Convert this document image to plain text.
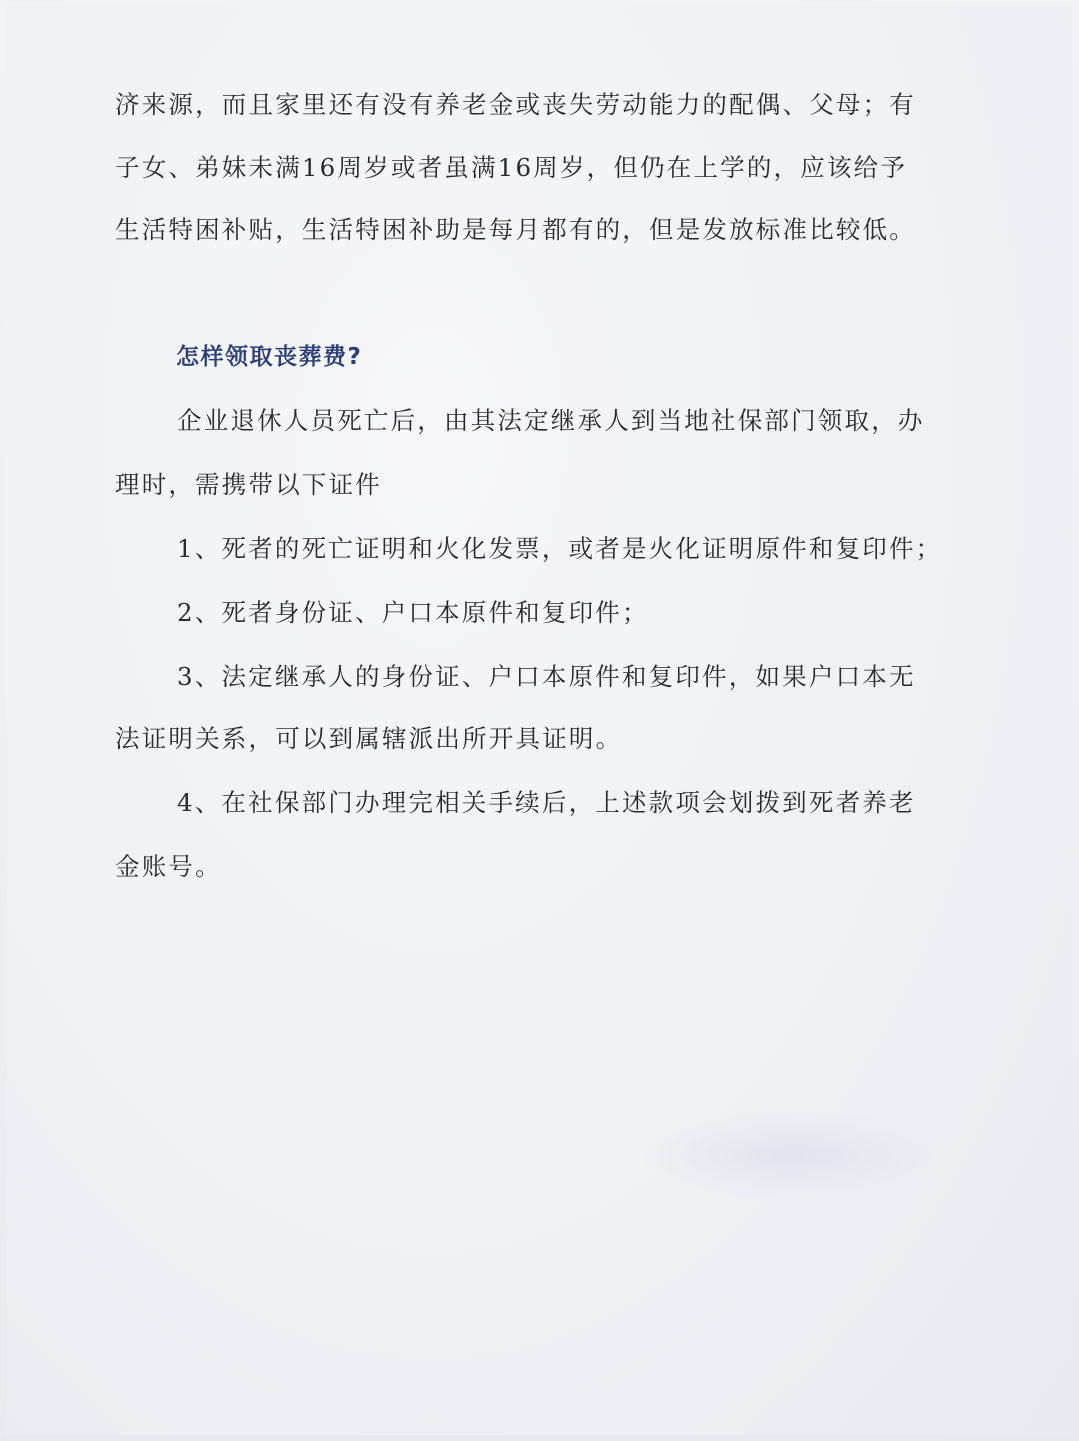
济来源，而且家里还有没有养老金或丧失劳动能力的配偶、父母；有
子女、弟妹未满16周岁或者虽满16周岁，但仍在上学的，应该给予
生活特困补贴，生活特困补助是每月都有的，但是发放标准比较低。
企业退休人员死亡后，由其法定继承人到当地社保部门领取，办
理时，需携带以下证件
1、死者的死亡证明和火化发票，或者是火化证明原件和复印件；
2、死者身份证、户口本原件和复印件；
3、法定继承人的身份证、户口本原件和复印件，如果户口本无
法证明关系，可以到属辖派出所开具证明。
4、在社保部门办理完相关手续后，上述款项会划拨到死者养老
金账号。
怎样领取丧葬费?
